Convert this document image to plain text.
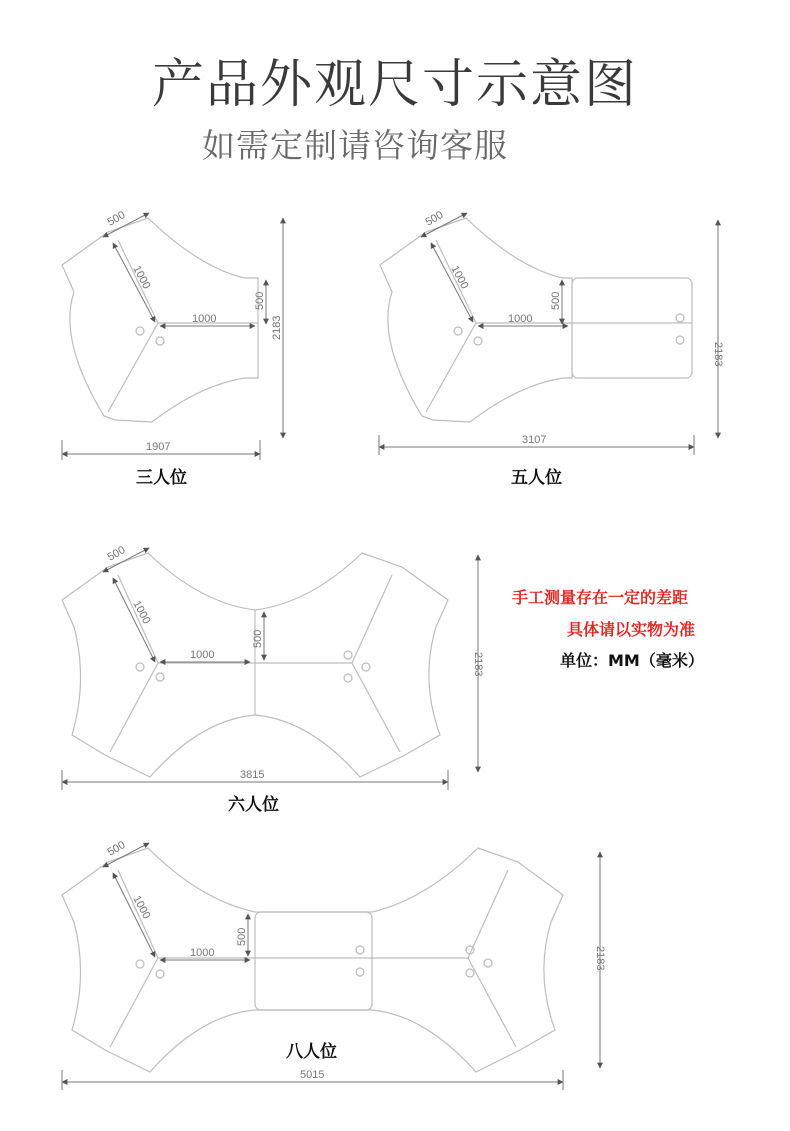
产品外观尺寸示意图
如需定制请咨询客服
500
1000
1000
500
2183
1907
500
1000
1000
500
2183
3107
500
1000
1000
500
2183
3815
500
1000
1000
500
2183
5015
三人位	五人位
六人位
八人位
手工测量存在一定的差距
具体请以实物为准
单位：MM（毫米）
